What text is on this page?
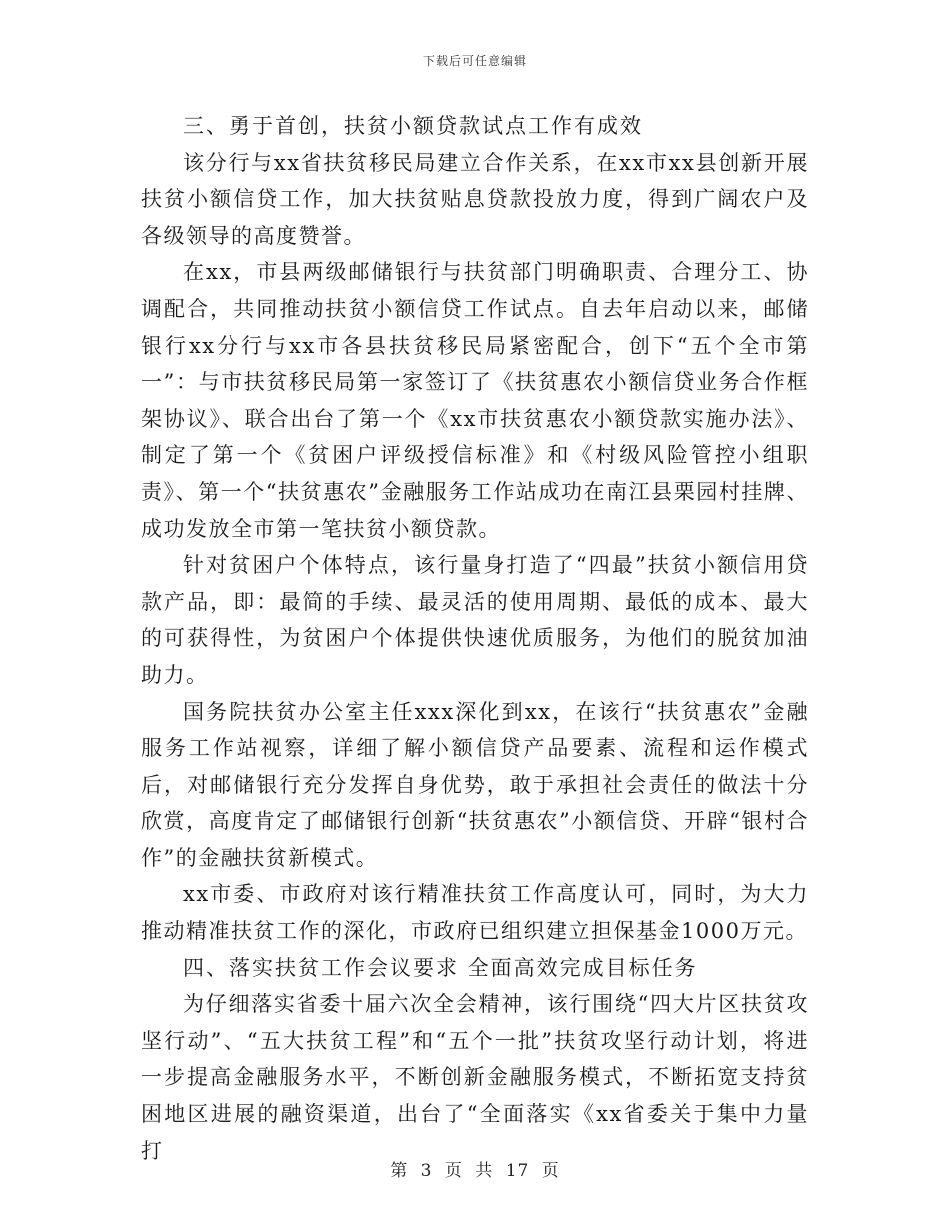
下载后可任意编辑

三、勇于首创，扶贫小额贷款试点工作有成效

该分行与xx省扶贫移民局建立合作关系，在xx市xx县创新开展扶贫小额信贷工作，加大扶贫贴息贷款投放力度，得到广阔农户及各级领导的高度赞誉。

在xx，市县两级邮储银行与扶贫部门明确职责、合理分工、协调配合，共同推动扶贫小额信贷工作试点。自去年启动以来，邮储银行xx分行与xx市各县扶贫移民局紧密配合，创下“五个全市第一”：与市扶贫移民局第一家签订了《扶贫惠农小额信贷业务合作框架协议》、联合出台了第一个《xx市扶贫惠农小额贷款实施办法》、制定了第一个《贫困户评级授信标准》和《村级风险管控小组职责》、第一个“扶贫惠农”金融服务工作站成功在南江县栗园村挂牌、成功发放全市第一笔扶贫小额贷款。

针对贫困户个体特点，该行量身打造了“四最”扶贫小额信用贷款产品，即：最简的手续、最灵活的使用周期、最低的成本、最大的可获得性，为贫困户个体提供快速优质服务，为他们的脱贫加油助力。

国务院扶贫办公室主任xxx深化到xx，在该行“扶贫惠农”金融服务工作站视察，详细了解小额信贷产品要素、流程和运作模式后，对邮储银行充分发挥自身优势，敢于承担社会责任的做法十分欣赏，高度肯定了邮储银行创新“扶贫惠农”小额信贷、开辟“银村合作”的金融扶贫新模式。

xx市委、市政府对该行精准扶贫工作高度认可，同时，为大力推动精准扶贫工作的深化，市政府已组织建立担保基金1000万元。

四、落实扶贫工作会议要求 全面高效完成目标任务

为仔细落实省委十届六次全会精神，该行围绕“四大片区扶贫攻坚行动”、“五大扶贫工程”和“五个一批”扶贫攻坚行动计划，将进一步提高金融服务水平，不断创新金融服务模式，不断拓宽支持贫困地区进展的融资渠道，出台了“全面落实《xx省委关于集中力量打

第 3 页 共 17 页
